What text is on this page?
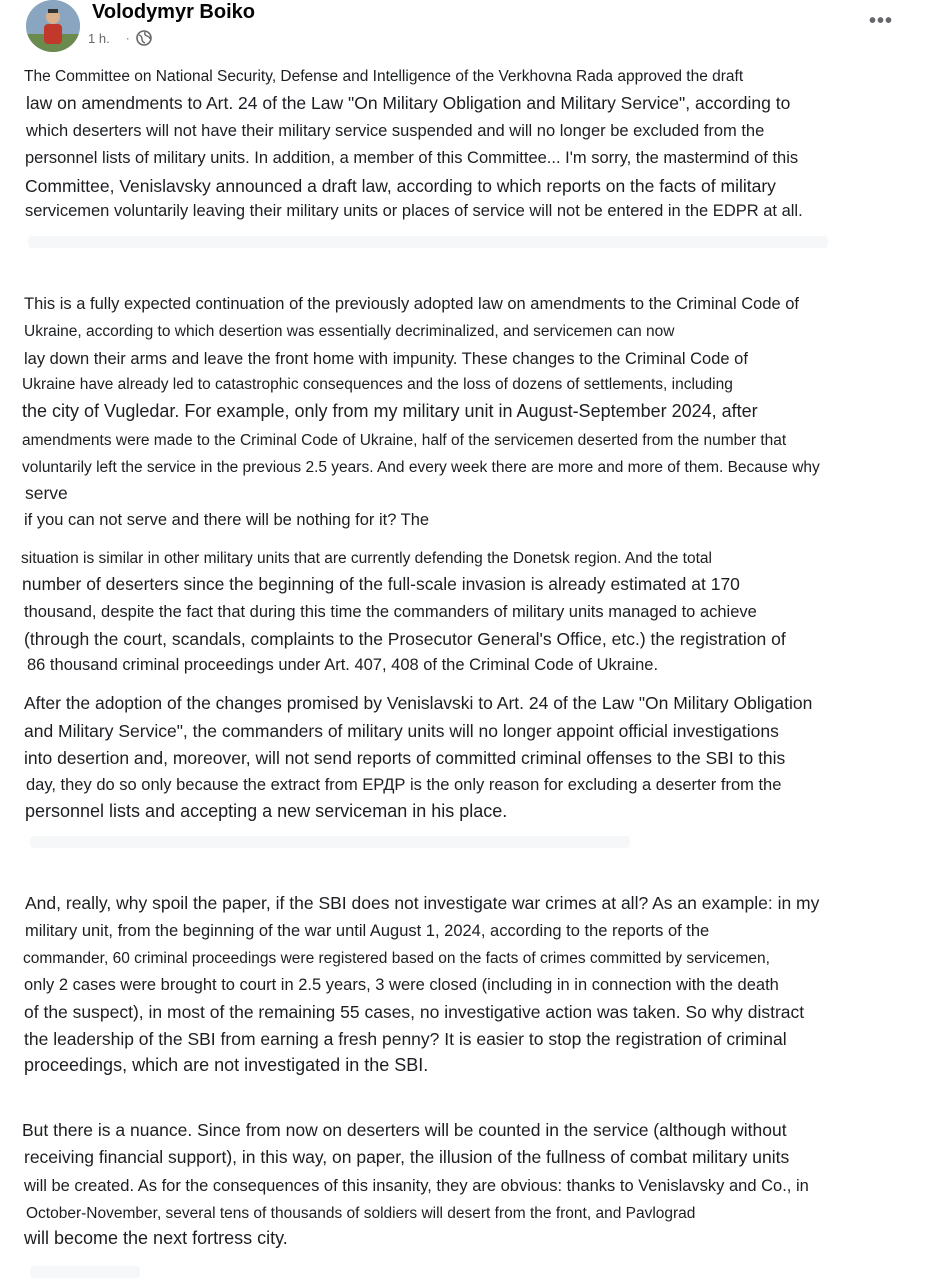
Volodymyr Boiko
1 h. ·
•••
The Committee on National Security, Defense and Intelligence of the Verkhovna Rada approved the draft
law on amendments to Art. 24 of the Law "On Military Obligation and Military Service", according to
which deserters will not have their military service suspended and will no longer be excluded from the
personnel lists of military units. In addition, a member of this Committee... I'm sorry, the mastermind of this
Committee, Venislavsky announced a draft law, according to which reports on the facts of military
servicemen voluntarily leaving their military units or places of service will not be entered in the EDPR at all.
This is a fully expected continuation of the previously adopted law on amendments to the Criminal Code of
Ukraine, according to which desertion was essentially decriminalized, and servicemen can now
lay down their arms and leave the front home with impunity. These changes to the Criminal Code of
Ukraine have already led to catastrophic consequences and the loss of dozens of settlements, including
the city of Vugledar. For example, only from my military unit in August-September 2024, after
amendments were made to the Criminal Code of Ukraine, half of the servicemen deserted from the number that
voluntarily left the service in the previous 2.5 years. And every week there are more and more of them. Because why
serve
if you can not serve and there will be nothing for it? The
situation is similar in other military units that are currently defending the Donetsk region. And the total
number of deserters since the beginning of the full-scale invasion is already estimated at 170
thousand, despite the fact that during this time the commanders of military units managed to achieve
(through the court, scandals, complaints to the Prosecutor General's Office, etc.) the registration of
86 thousand criminal proceedings under Art. 407, 408 of the Criminal Code of Ukraine.
After the adoption of the changes promised by Venislavski to Art. 24 of the Law "On Military Obligation
and Military Service", the commanders of military units will no longer appoint official investigations
into desertion and, moreover, will not send reports of committed criminal offenses to the SBI to this
day, they do so only because the extract from ЕРДР is the only reason for excluding a deserter from the
personnel lists and accepting a new serviceman in his place.
And, really, why spoil the paper, if the SBI does not investigate war crimes at all? As an example: in my
military unit, from the beginning of the war until August 1, 2024, according to the reports of the
commander, 60 criminal proceedings were registered based on the facts of crimes committed by servicemen,
only 2 cases were brought to court in 2.5 years, 3 were closed (including in in connection with the death
of the suspect), in most of the remaining 55 cases, no investigative action was taken. So why distract
the leadership of the SBI from earning a fresh penny? It is easier to stop the registration of criminal
proceedings, which are not investigated in the SBI.
But there is a nuance. Since from now on deserters will be counted in the service (although without
receiving financial support), in this way, on paper, the illusion of the fullness of combat military units
will be created. As for the consequences of this insanity, they are obvious: thanks to Venislavsky and Co., in
October-November, several tens of thousands of soldiers will desert from the front, and Pavlograd
will become the next fortress city.
